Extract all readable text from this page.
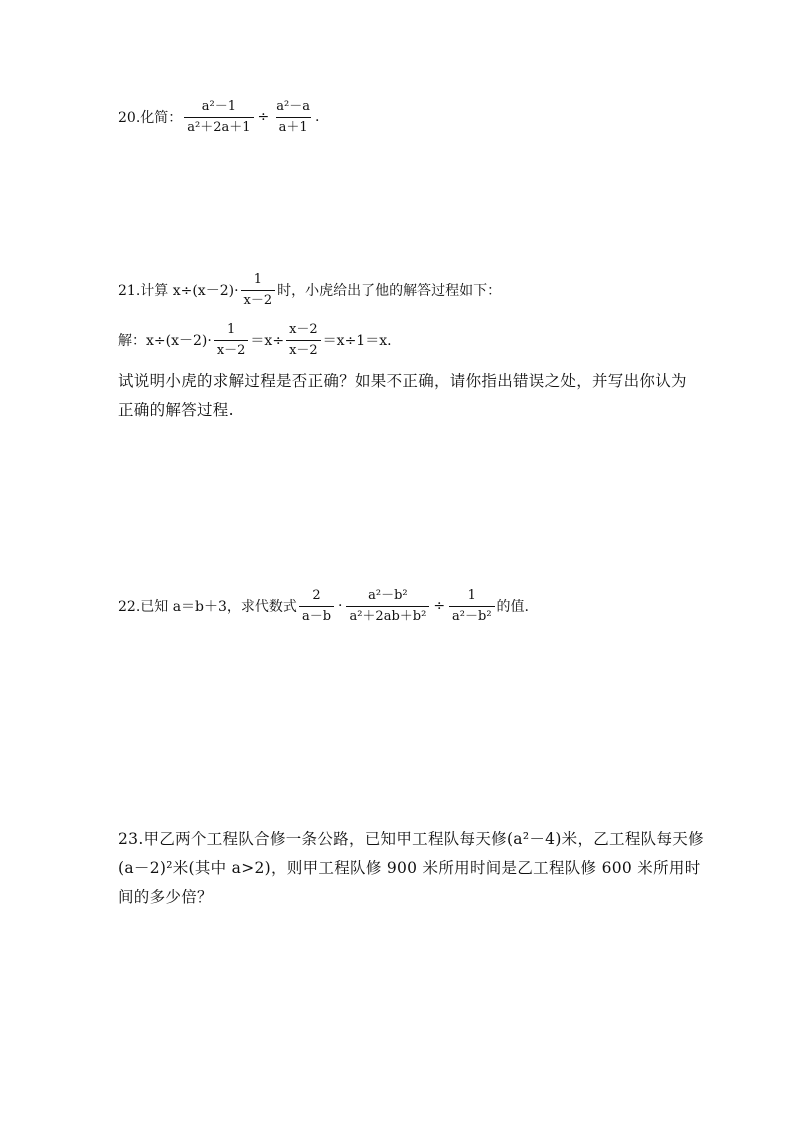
20.化简： $\frac{\text{a²－1}}{\text{a²＋2a＋1}} \div \frac{\text{a²－a}}{a+1}$ .
21.计算 $x\div(x-2)\cdot \frac{1}{x-2}$ 时，小虎给出了他的解答过程如下：
解：$x\div(x-2)\cdot \frac{1}{x-2} =x\div \frac{x-2}{x-2} =x\div 1=x$.
试说明小虎的求解过程是否正确？如果不正确，请你指出错误之处，并写出你认为正确的解答过程.
22.已知 a＝b＋3，求代数式 $\frac{2}{a-b} \cdot \frac{\text{a²－b²}}{\text{a²＋2ab＋b²}} \div \frac{1}{\text{a²－b²}}$ 的值.
23.甲乙两个工程队合修一条公路，已知甲工程队每天修(a²－4)米，乙工程队每天修(a－2)²米(其中 a>2)，则甲工程队修 900 米所用时间是乙工程队修 600 米所用时间的多少倍？
